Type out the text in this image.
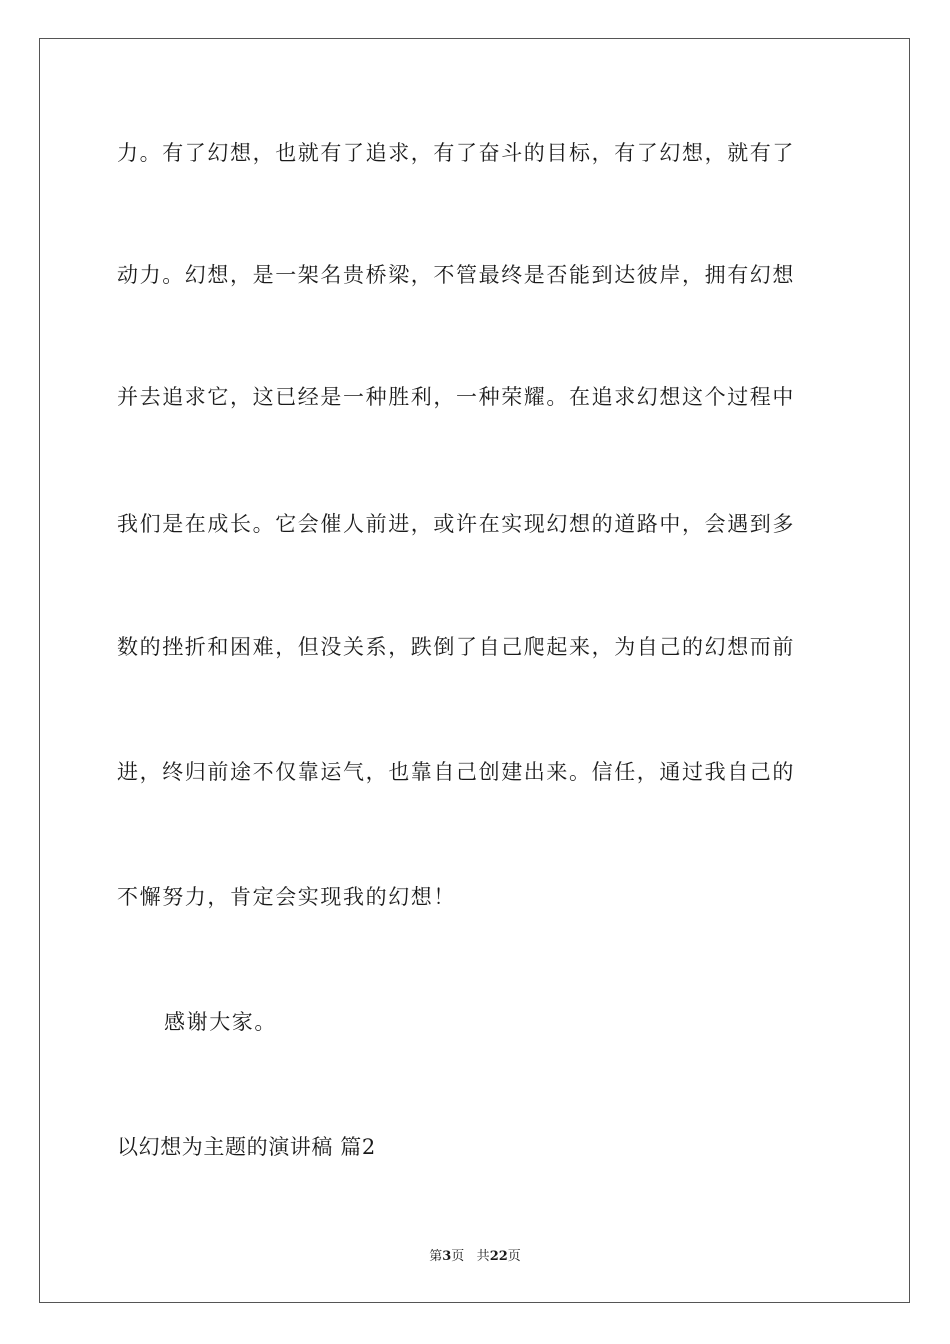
力。有了幻想，也就有了追求，有了奋斗的目标，有了幻想，就有了
动力。幻想，是一架名贵桥梁，不管最终是否能到达彼岸，拥有幻想
并去追求它，这已经是一种胜利，一种荣耀。在追求幻想这个过程中
我们是在成长。它会催人前进，或许在实现幻想的道路中，会遇到多
数的挫折和困难，但没关系，跌倒了自己爬起来，为自己的幻想而前
进，终归前途不仅靠运气，也靠自己创建出来。信任，通过我自己的
不懈努力，肯定会实现我的幻想！
感谢大家。
以幻想为主题的演讲稿 篇2
第3页 共22页
